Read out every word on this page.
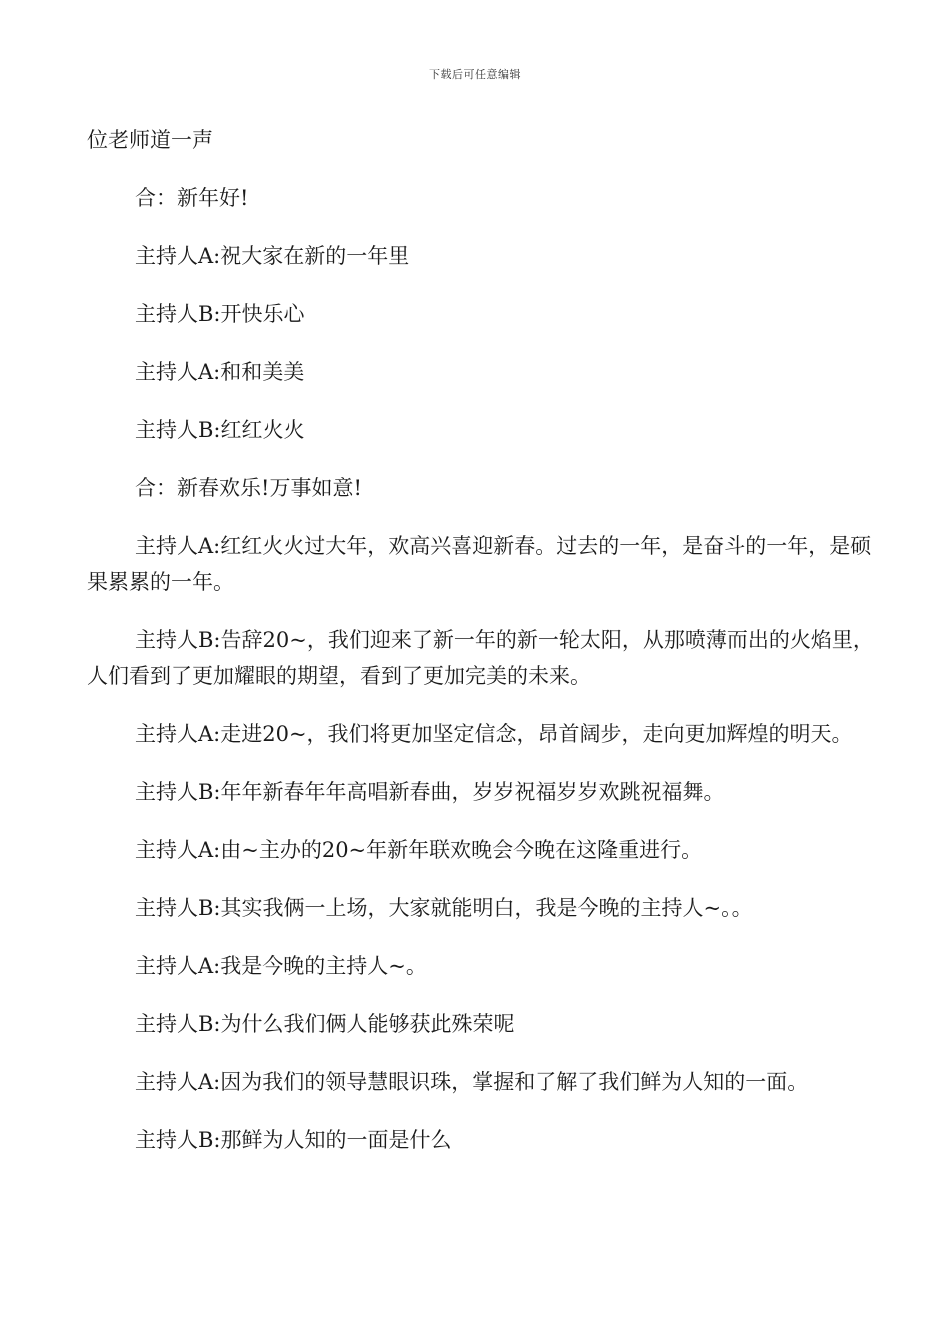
下载后可任意编辑

位老师道一声

合：新年好!

主持人A:祝大家在新的一年里

主持人B:开快乐心

主持人A:和和美美

主持人B:红红火火

合：新春欢乐!万事如意!

主持人A:红红火火过大年，欢高兴喜迎新春。过去的一年，是奋斗的一年，是硕果累累的一年。

主持人B:告辞20~，我们迎来了新一年的新一轮太阳，从那喷薄而出的火焰里，人们看到了更加耀眼的期望，看到了更加完美的未来。

主持人A:走进20~，我们将更加坚定信念，昂首阔步，走向更加辉煌的明天。

主持人B:年年新春年年高唱新春曲，岁岁祝福岁岁欢跳祝福舞。

主持人A:由~主办的20~年新年联欢晚会今晚在这隆重进行。

主持人B:其实我俩一上场，大家就能明白，我是今晚的主持人~。。

主持人A:我是今晚的主持人~。

主持人B:为什么我们俩人能够获此殊荣呢

主持人A:因为我们的领导慧眼识珠，掌握和了解了我们鲜为人知的一面。

主持人B:那鲜为人知的一面是什么
